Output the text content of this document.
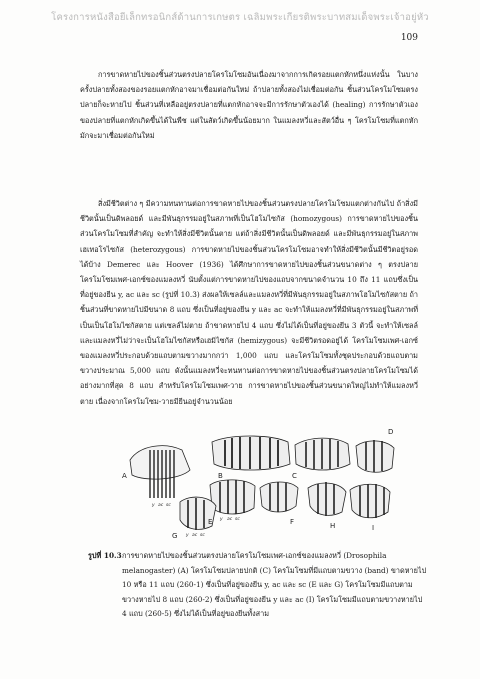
โครงการหนังสือยีเล็กทรอนิกส์ด้านการเกษตร เฉลิมพระเกียรติพระบาทสมเด็จพระเจ้าอยู่หัว
109

การขาดหายไปของชิ้นส่วนตรงปลายโครโมโซมอันเนื่องมาจากการเกิดรอยแตกหักหนึ่งแห่งนั้น ในบางครั้งปลายทั้งสองของรอยแตกหักอาจมาเชื่อมต่อกันใหม่ ถ้าปลายทั้งสองไม่เชื่อมต่อกัน ชิ้นส่วนโครโมโซมตรงปลายก็จะหายไป ชิ้นส่วนที่เหลืออยู่ตรงปลายที่แตกหักอาจจะมีการรักษาตัวเองได้ (healing) การรักษาตัวเองของปลายที่แตกหักเกิดขึ้นได้ในพืช แต่ในสัตว์เกิดขึ้นน้อยมาก ในแมลงหวี่และสัตว์อื่น ๆ โครโมโซมที่แตกหักมักจะมาเชื่อมต่อกันใหม่

สิ่งมีชีวิตต่าง ๆ มีความทนทานต่อการขาดหายไปของชิ้นส่วนตรงปลายโครโมโซมแตกต่างกันไป ถ้าสิ่งมีชีวิตนั้นเป็นดิพลอยด์ และมีพันธุกรรมอยู่ในสภาพที่เป็นโฮโมไซกัส (homozygous) การขาดหายไปของชิ้นส่วนโครโมโซมที่สำคัญ จะทำให้สิ่งมีชีวิตนั้นตาย แต่ถ้าสิ่งมีชีวิตนั้นเป็นดิพลอยด์ และมีพันธุกรรมอยู่ในสภาพเฮเทอโรไซกัส (heterozygous) การขาดหายไปของชิ้นส่วนโครโมโซมอาจทำให้สิ่งมีชีวิตนั้นมีชีวิตอยู่รอดได้บ้าง Demerec และ Hoover (1936) ได้ศึกษาการขาดหายไปของชิ้นส่วนขนาดต่าง ๆ ตรงปลายโครโมโซมเพศ-เอกซ์ของแมลงหวี่ นับตั้งแต่การขาดหายไปของแถบจากขนาดจำนวน 10 ถึง 11 แถบซึ่งเป็นที่อยู่ของยีน y, ac และ sc (รูปที่ 10.3) ส่งผลให้เซลล์และแมลงหวี่ที่มีพันธุกรรมอยู่ในสภาพโฮโมไซกัสตาย ถ้าชิ้นส่วนที่ขาดหายไปมีขนาด 8 แถบ ซึ่งเป็นที่อยู่ของยีน y และ ac จะทำให้แมลงหวี่ที่มีพันธุกรรมอยู่ในสภาพที่เป็นเป็นโฮโมไซกัสตาย แต่เซลล์ไม่ตาย ถ้าขาดหายไป 4 แถบ ซึ่งไม่ได้เป็นที่อยู่ของยีน 3 ตัวนี้ จะทำให้เซลล์และแมลงหวี่ไม่ว่าจะเป็นโฮโมไซกัสหรือเฮมิไซกัส (hemizygous) จะมีชีวิตรอดอยู่ได้ โครโมโซมเพศ-เอกซ์ของแมลงหวี่ประกอบด้วยแถบตามขวางมากกว่า 1,000 แถบ และโครโมโซมทั้งชุดประกอบด้วยแถบตามขวางประมาณ 5,000 แถบ ดังนั้นแมลงหวี่จะทนทานต่อการขาดหายไปของชิ้นส่วนตรงปลายโครโมโซมได้อย่างมากที่สุด 8 แถบ สำหรับโครโมโซมเพศ-วาย การขาดหายไปของชิ้นส่วนขนาดใหญ่ไม่ทำให้แมลงหวี่ตาย เนื่องจากโครโมโซม-วายมียีนอยู่จำนวนน้อย

A	B	C
D
E	F
G
H	I
y ac sc
y ac sc
y ac sc
รูปที่ 10.3 การขาดหายไปของชิ้นส่วนตรงปลายโครโมโซมเพศ-เอกซ์ของแมลงหวี่ (Drosophila melanogaster) (A) โครโมโซมปลายปกติ (C) โครโมโซมที่มีแถบตามขวาง (band) ขาดหายไป 10 หรือ 11 แถบ (260-1) ซึ่งเป็นที่อยู่ของยีน y, ac และ sc (E และ G) โครโมโซมมีแถบตามขวางหายไป 8 แถบ (260-2) ซึ่งเป็นที่อยู่ของยีน y และ ac (I) โครโมโซมมีแถบตามขวางหายไป 4 แถบ (260-5) ซึ่งไม่ได้เป็นที่อยู่ของยีนทั้งสาม
